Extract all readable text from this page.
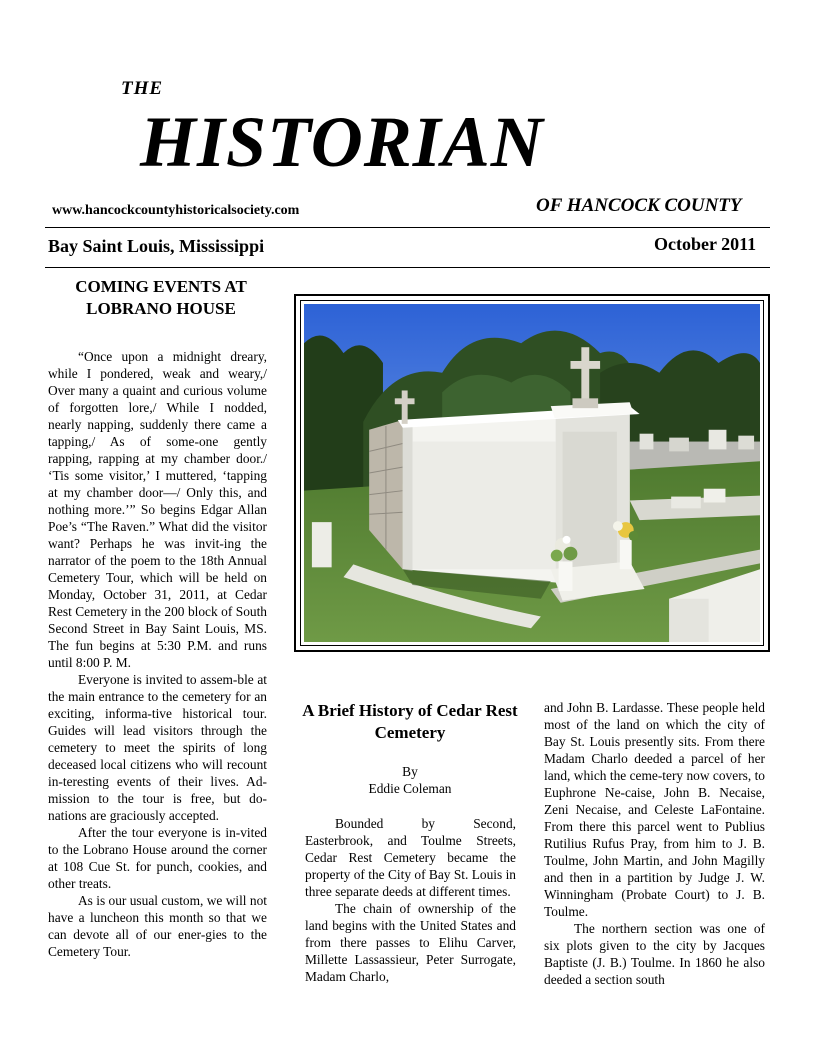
THE
HISTORIAN
www.hancockcountyhistoricalsociety.com	OF HANCOCK COUNTY
Bay Saint Louis, Mississippi	October 2011
COMING EVENTS AT LOBRANO HOUSE

“Once upon a midnight dreary, while I pondered, weak and weary,/ Over many a quaint and curious volume of forgotten lore,/ While I nodded, nearly napping, suddenly there came a tapping,/ As of some-one gently rapping, rapping at my chamber door./ ‘Tis some visitor,’ I muttered, ‘tapping at my chamber door—/ Only this, and nothing more.’” So begins Edgar Allan Poe’s “The Raven.” What did the visitor want? Perhaps he was invit-ing the narrator of the poem to the 18th Annual Cemetery Tour, which will be held on Monday, October 31, 2011, at Cedar Rest Cemetery in the 200 block of South Second Street in Bay Saint Louis, MS. The fun begins at 5:30 P.M. and runs until 8:00 P. M.

Everyone is invited to assem-ble at the main entrance to the cemetery for an exciting, informa-tive historical tour. Guides will lead visitors through the cemetery to meet the spirits of long deceased local citizens who will recount in-teresting events of their lives. Ad-mission to the tour is free, but do-nations are graciously accepted.

After the tour everyone is in-vited to the Lobrano House around the corner at 108 Cue St. for punch, cookies, and other treats.

As is our usual custom, we will not have a luncheon this month so that we can devote all of our ener-gies to the Cemetery Tour.

A Brief History of Cedar Rest Cemetery
By
Eddie Coleman

Bounded by Second, Easterbrook, and Toulme Streets, Cedar Rest Cemetery became the property of the City of Bay St. Louis in three separate deeds at different times.

The chain of ownership of the land begins with the United States and from there passes to Elihu Carver, Millette Lassassieur, Peter Surrogate, Madam Charlo,

and John B. Lardasse. These people held most of the land on which the city of Bay St. Louis presently sits. From there Madam Charlo deeded a parcel of her land, which the ceme-tery now covers, to Euphrone Ne-caise, John B. Necaise, Zeni Necaise, and Celeste LaFontaine. From there this parcel went to Publius Rutilius Rufus Pray, from him to J. B. Toulme, John Martin, and John Magilly and then in a partition by Judge J. W. Winningham (Probate Court) to J. B. Toulme.

The northern section was one of six plots given to the city by Jacques Baptiste (J. B.) Toulme. In 1860 he also deeded a section south
